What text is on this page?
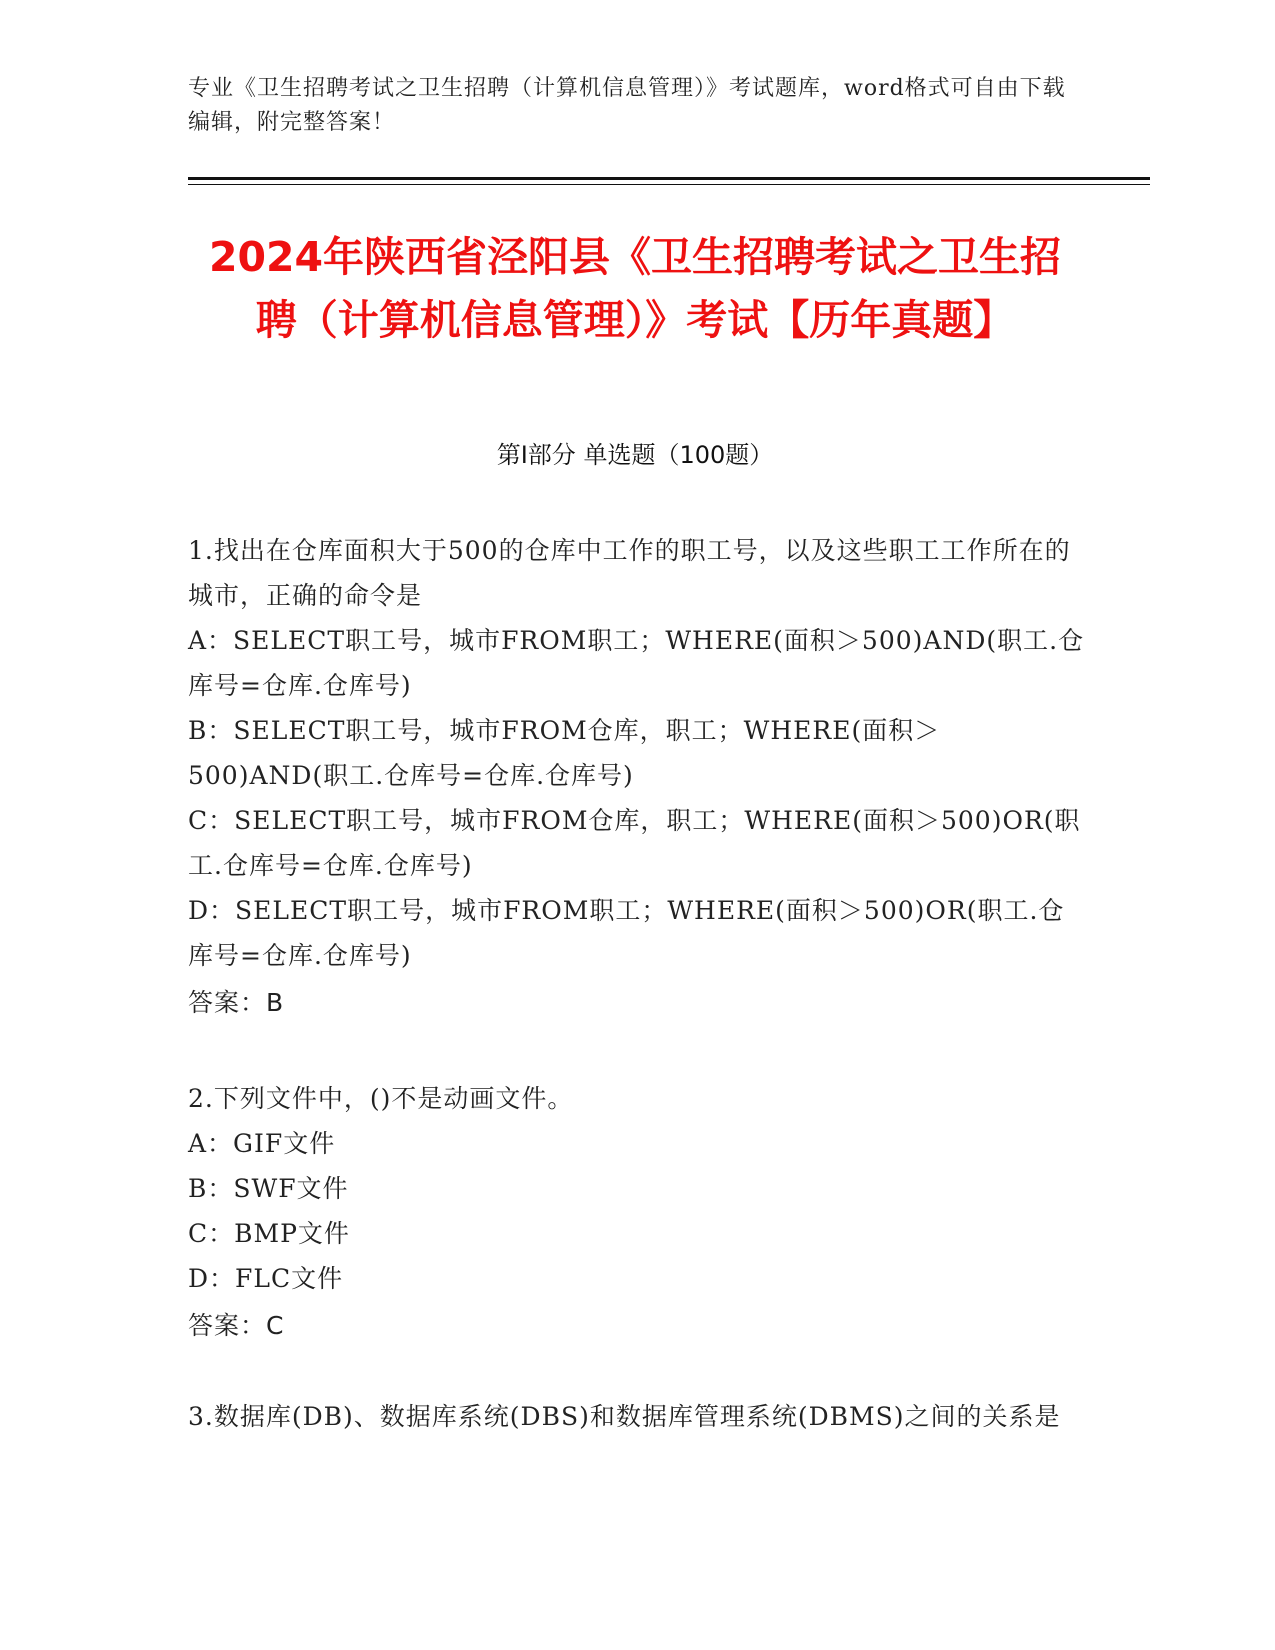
专业《卫生招聘考试之卫生招聘（计算机信息管理）》考试题库，word格式可自由下载编辑，附完整答案！
2024年陕西省泾阳县《卫生招聘考试之卫生招聘（计算机信息管理）》考试【历年真题】
第I部分 单选题（100题）
1.找出在仓库面积大于500的仓库中工作的职工号，以及这些职工工作所在的城市，正确的命令是
A：SELECT职工号，城市FROM职工；WHERE(面积＞500)AND(职工.仓库号=仓库.仓库号)
B：SELECT职工号，城市FROM仓库，职工；WHERE(面积＞500)AND(职工.仓库号=仓库.仓库号)
C：SELECT职工号，城市FROM仓库，职工；WHERE(面积＞500)OR(职工.仓库号=仓库.仓库号)
D：SELECT职工号，城市FROM职工；WHERE(面积＞500)OR(职工.仓库号=仓库.仓库号)
答案：B
2.下列文件中，()不是动画文件。
A：GIF文件
B：SWF文件
C：BMP文件
D：FLC文件
答案：C
3.数据库(DB)、数据库系统(DBS)和数据库管理系统(DBMS)之间的关系是
